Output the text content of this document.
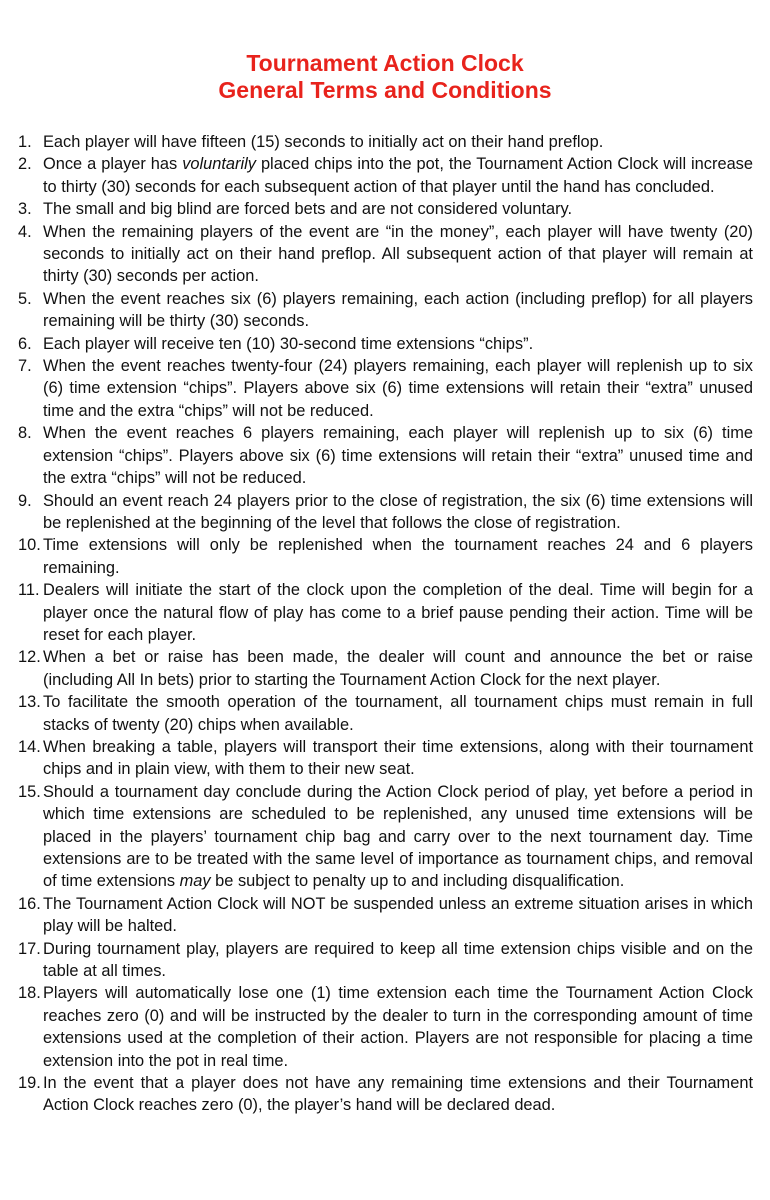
Tournament Action Clock
General Terms and Conditions
1. Each player will have fifteen (15) seconds to initially act on their hand preflop.
2. Once a player has voluntarily placed chips into the pot, the Tournament Action Clock will increase to thirty (30) seconds for each subsequent action of that player until the hand has concluded.
3. The small and big blind are forced bets and are not considered voluntary.
4. When the remaining players of the event are “in the money”, each player will have twenty (20) seconds to initially act on their hand preflop. All subsequent action of that player will remain at thirty (30) seconds per action.
5. When the event reaches six (6) players remaining, each action (including preflop) for all players remaining will be thirty (30) seconds.
6. Each player will receive ten (10) 30-second time extensions “chips”.
7. When the event reaches twenty-four (24) players remaining, each player will replenish up to six (6) time extension “chips”. Players above six (6) time extensions will retain their “extra” unused time and the extra “chips” will not be reduced.
8. When the event reaches 6 players remaining, each player will replenish up to six (6) time extension “chips”. Players above six (6) time extensions will retain their “extra” unused time and the extra “chips” will not be reduced.
9. Should an event reach 24 players prior to the close of registration, the six (6) time extensions will be replenished at the beginning of the level that follows the close of registration.
10. Time extensions will only be replenished when the tournament reaches 24 and 6 players remaining.
11. Dealers will initiate the start of the clock upon the completion of the deal. Time will begin for a player once the natural flow of play has come to a brief pause pending their action. Time will be reset for each player.
12. When a bet or raise has been made, the dealer will count and announce the bet or raise (including All In bets) prior to starting the Tournament Action Clock for the next player.
13. To facilitate the smooth operation of the tournament, all tournament chips must remain in full stacks of twenty (20) chips when available.
14. When breaking a table, players will transport their time extensions, along with their tournament chips and in plain view, with them to their new seat.
15. Should a tournament day conclude during the Action Clock period of play, yet before a period in which time extensions are scheduled to be replenished, any unused time extensions will be placed in the players’ tournament chip bag and carry over to the next tournament day. Time extensions are to be treated with the same level of importance as tournament chips, and removal of time extensions may be subject to penalty up to and including disqualification.
16. The Tournament Action Clock will NOT be suspended unless an extreme situation arises in which play will be halted.
17. During tournament play, players are required to keep all time extension chips visible and on the table at all times.
18. Players will automatically lose one (1) time extension each time the Tournament Action Clock reaches zero (0) and will be instructed by the dealer to turn in the corresponding amount of time extensions used at the completion of their action. Players are not responsible for placing a time extension into the pot in real time.
19. In the event that a player does not have any remaining time extensions and their Tournament Action Clock reaches zero (0), the player’s hand will be declared dead.
